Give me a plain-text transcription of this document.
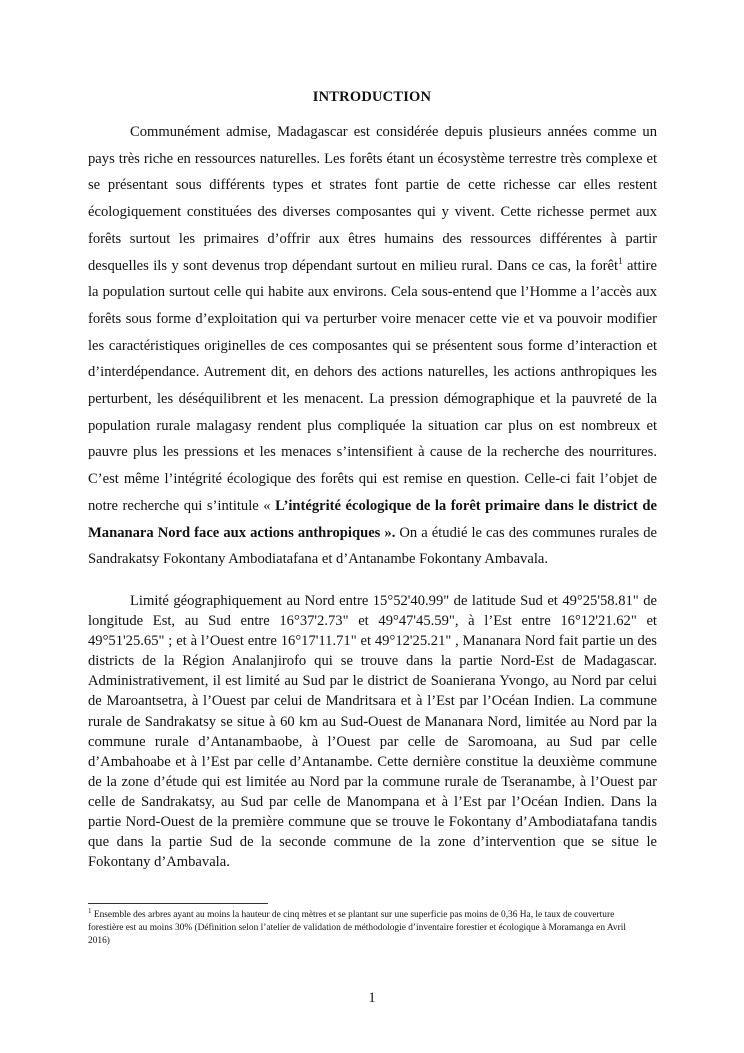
INTRODUCTION

Communément admise, Madagascar est considérée depuis plusieurs années comme un pays très riche en ressources naturelles. Les forêts étant un écosystème terrestre très complexe et se présentant sous différents types et strates font partie de cette richesse car elles restent écologiquement constituées des diverses composantes qui y vivent. Cette richesse permet aux forêts surtout les primaires d’offrir aux êtres humains des ressources différentes à partir desquelles ils y sont devenus trop dépendant surtout en milieu rural. Dans ce cas, la forêt$^1$ attire la population surtout celle qui habite aux environs. Cela sous-entend que l’Homme a l’accès aux forêts sous forme d’exploitation qui va perturber voire menacer cette vie et va pouvoir modifier les caractéristiques originelles de ces composantes qui se présentent sous forme d’interaction et d’interdépendance. Autrement dit, en dehors des actions naturelles, les actions anthropiques les perturbent, les déséquilibrent et les menacent. La pression démographique et la pauvreté de la population rurale malagasy rendent plus compliquée la situation car plus on est nombreux et pauvre plus les pressions et les menaces s’intensifient à cause de la recherche des nourritures. C’est même l’intégrité écologique des forêts qui est remise en question. Celle-ci fait l’objet de notre recherche qui s’intitule « L’intégrité écologique de la forêt primaire dans le district de Mananara Nord face aux actions anthropiques ». On a étudié le cas des communes rurales de Sandrakatsy Fokontany Ambodiatafana et d’Antanambe Fokontany Ambavala.

Limité géographiquement au Nord entre 15°52'40.99" de latitude Sud et 49°25'58.81" de longitude Est, au Sud entre 16°37'2.73" et 49°47'45.59", à l’Est entre 16°12'21.62" et 49°51'25.65" ; et à l’Ouest entre 16°17'11.71" et 49°12'25.21" , Mananara Nord fait partie un des districts de la Région Analanjirofo qui se trouve dans la partie Nord-Est de Madagascar. Administrativement, il est limité au Sud par le district de Soanierana Yvongo, au Nord par celui de Maroantsetra, à l’Ouest par celui de Mandritsara et à l’Est par l’Océan Indien. La commune rurale de Sandrakatsy se situe à 60 km au Sud-Ouest de Mananara Nord, limitée au Nord par la commune rurale d’Antanambaobe, à l’Ouest par celle de Saromoana, au Sud par celle d’Ambahoabe et à l’Est par celle d’Antanambe. Cette dernière constitue la deuxième commune de la zone d’étude qui est limitée au Nord par la commune rurale de Tseranambe, à l’Ouest par celle de Sandrakatsy, au Sud par celle de Manompana et à l’Est par l’Océan Indien. Dans la partie Nord-Ouest de la première commune que se trouve le Fokontany d’Ambodiatafana tandis que dans la partie Sud de la seconde commune de la zone d’intervention que se situe le Fokontany d’Ambavala.

$^1$ Ensemble des arbres ayant au moins la hauteur de cinq mètres et se plantant sur une superficie pas moins de 0,36 Ha, le taux de couverture forestière est au moins 30% (Définition selon l’atelier de validation de méthodologie d’inventaire forestier et écologique à Moramanga en Avril 2016)

1
